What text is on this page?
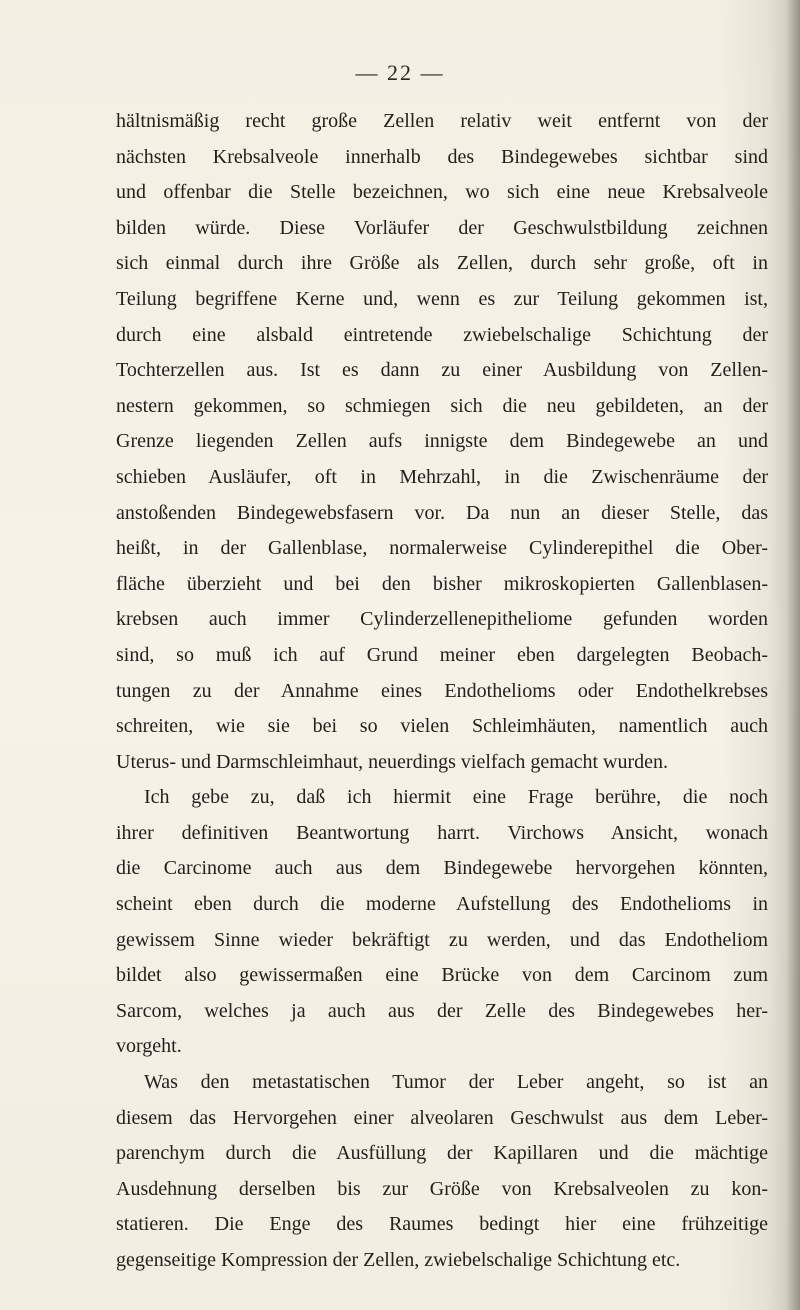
— 22 —
hältnismäßig recht große Zellen relativ weit entfernt von der
nächsten Krebsalveole innerhalb des Bindegewebes sichtbar sind
und offenbar die Stelle bezeichnen, wo sich eine neue Krebsalveole
bilden würde. Diese Vorläufer der Geschwulstbildung zeichnen
sich einmal durch ihre Größe als Zellen, durch sehr große, oft in
Teilung begriffene Kerne und, wenn es zur Teilung gekommen ist,
durch eine alsbald eintretende zwiebelschalige Schichtung der
Tochterzellen aus. Ist es dann zu einer Ausbildung von Zellen-
nestern gekommen, so schmiegen sich die neu gebildeten, an der
Grenze liegenden Zellen aufs innigste dem Bindegewebe an und
schieben Ausläufer, oft in Mehrzahl, in die Zwischenräume der
anstoßenden Bindegewebsfasern vor. Da nun an dieser Stelle, das
heißt, in der Gallenblase, normalerweise Cylinderepithel die Ober-
fläche überzieht und bei den bisher mikroskopierten Gallenblasen-
krebsen auch immer Cylinderzellenepitheliome gefunden worden
sind, so muß ich auf Grund meiner eben dargelegten Beobach-
tungen zu der Annahme eines Endothelioms oder Endothelkrebses
schreiten, wie sie bei so vielen Schleimhäuten, namentlich auch
Uterus- und Darmschleimhaut, neuerdings vielfach gemacht wurden.
Ich gebe zu, daß ich hiermit eine Frage berühre, die noch
ihrer definitiven Beantwortung harrt. Virchows Ansicht, wonach
die Carcinome auch aus dem Bindegewebe hervorgehen könnten,
scheint eben durch die moderne Aufstellung des Endothelioms in
gewissem Sinne wieder bekräftigt zu werden, und das Endotheliom
bildet also gewissermaßen eine Brücke von dem Carcinom zum
Sarcom, welches ja auch aus der Zelle des Bindegewebes her-
vorgeht.
Was den metastatischen Tumor der Leber angeht, so ist an
diesem das Hervorgehen einer alveolaren Geschwulst aus dem Leber-
parenchym durch die Ausfüllung der Kapillaren und die mächtige
Ausdehnung derselben bis zur Größe von Krebsalveolen zu kon-
statieren. Die Enge des Raumes bedingt hier eine frühzeitige
gegenseitige Kompression der Zellen, zwiebelschalige Schichtung etc.
